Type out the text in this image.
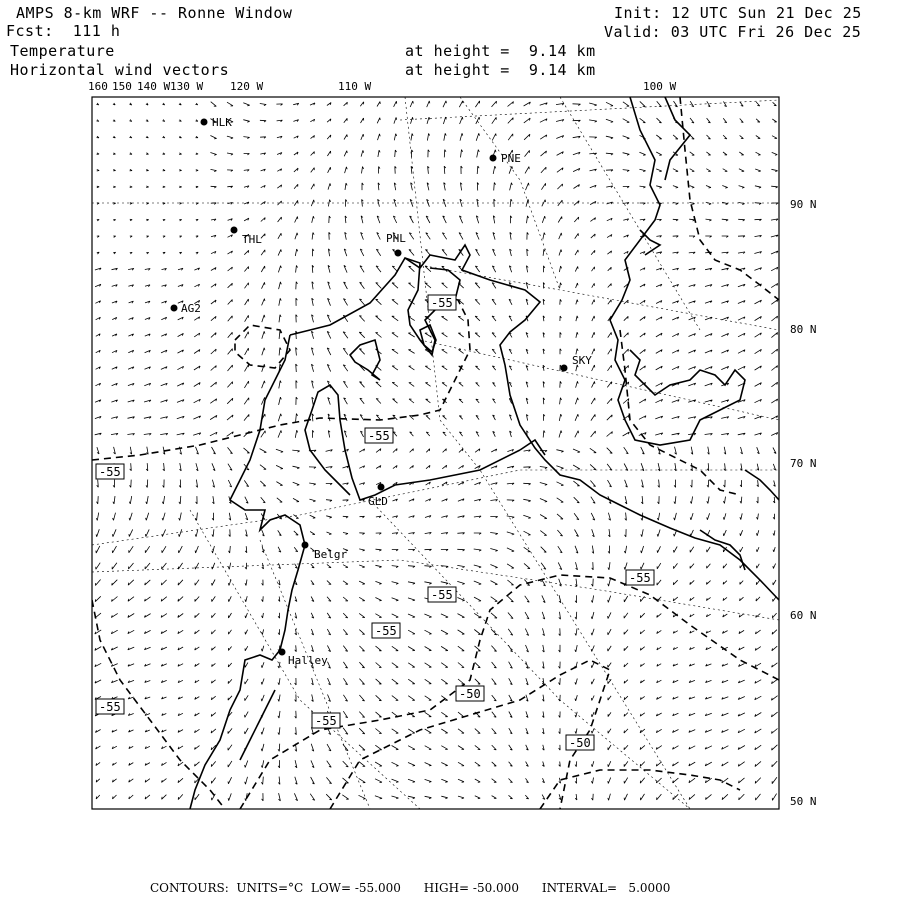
AMPS 8-km WRF -- Ronne Window
Fcst:  111 h
Temperature
Horizontal wind vectors
at height =  9.14 km
at height =  9.14 km
Init: 12 UTC Sun 21 Dec 25
Valid: 03 UTC Fri 26 Dec 25
-55
-55
-55
-55
-55
-55
-55
-55
-50
-50
HLK
PNE
THL	PHL
AG2
SKY
GLD
Belgr
Halley
160 150 140 W 130 W 120 W	110 W	100 W
90 N
80 N
70 N
60 N
50 N
CONTOURS:  UNITS=°C  LOW= -55.000      HIGH= -50.000      INTERVAL=   5.0000
